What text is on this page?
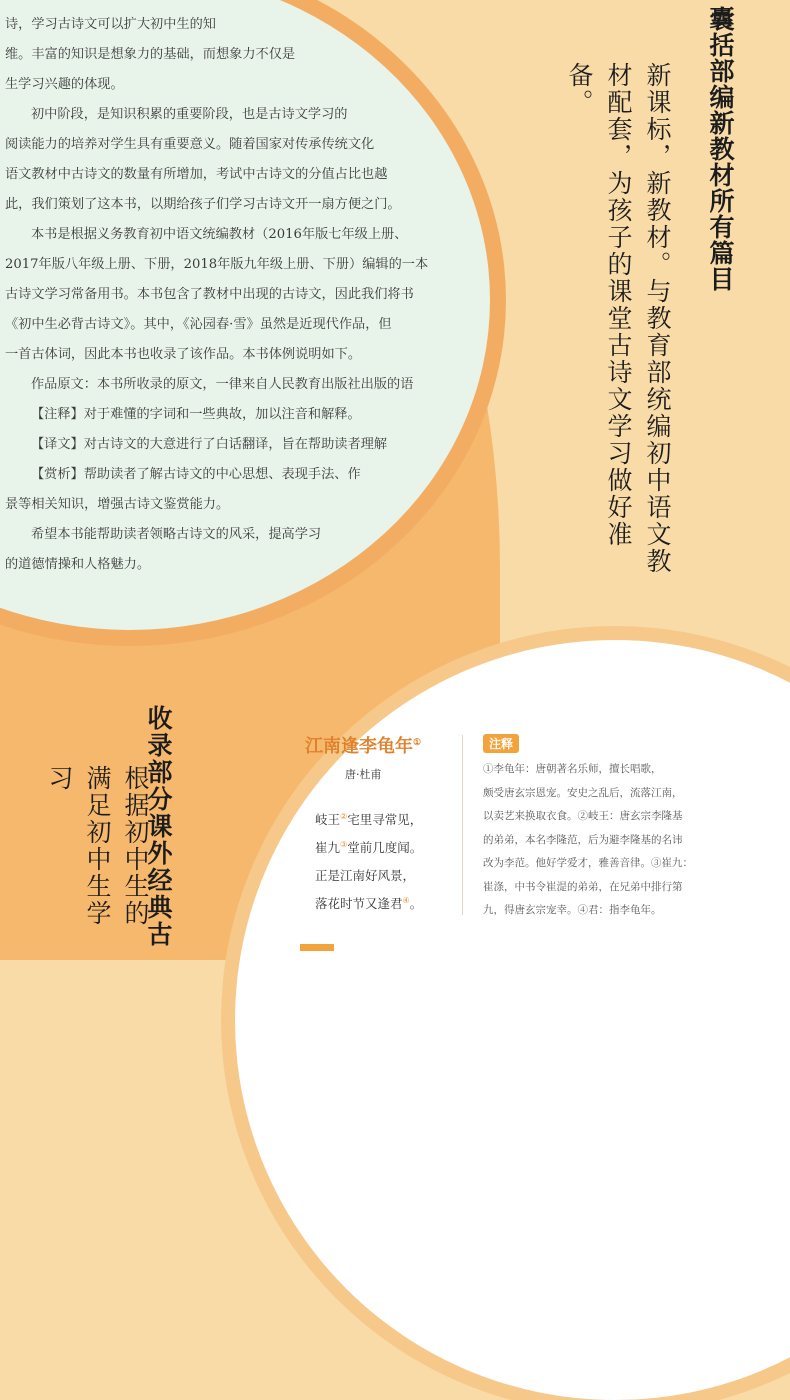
诗，学习古诗文可以扩大初中生的知

维。丰富的知识是想象力的基础，而想象力不仅是

生学习兴趣的体现。

初中阶段，是知识积累的重要阶段，也是古诗文学习的

阅读能力的培养对学生具有重要意义。随着国家对传承传统文化

语文教材中古诗文的数量有所增加，考试中古诗文的分值占比也越

此，我们策划了这本书，以期给孩子们学习古诗文开一扇方便之门。

本书是根据义务教育初中语文统编教材（2016年版七年级上册、

2017年版八年级上册、下册，2018年版九年级上册、下册）编辑的一本

古诗文学习常备用书。本书包含了教材中出现的古诗文，因此我们将书

《初中生必背古诗文》。其中，《沁园春·雪》虽然是近现代作品，但

一首古体词，因此本书也收录了该作品。本书体例说明如下。

作品原文：本书所收录的原文，一律来自人民教育出版社出版的语

【注释】对于难懂的字词和一些典故，加以注音和解释。

【译文】对古诗文的大意进行了白话翻译，旨在帮助读者理解

【赏析】帮助读者了解古诗文的中心思想、表现手法、作

景等相关知识，增强古诗文鉴赏能力。

希望本书能帮助读者领略古诗文的风采，提高学习

的道德情操和人格魅力。

囊括部编新教材所有篇目
新课标，新教材。与教育部统编初中语文教材配套，为孩子的课堂古诗文学习做好准备。
收录部分课外经典古
根据初中生的满足初中生学习
江南逢李龟年①
唐·杜甫
岐王②宅里寻常见，
崔九③堂前几度闻。
正是江南好风景，
落花时节又逢君④。
注释
①李龟年：唐朝著名乐师，擅长唱歌，
颇受唐玄宗恩宠。安史之乱后，流落江南，
以卖艺来换取衣食。②岐王：唐玄宗李隆基
的弟弟，本名李隆范，后为避李隆基的名讳
改为李范。他好学爱才，雅善音律。③崔九：
崔涤，中书令崔湜的弟弟，在兄弟中排行第
九，得唐玄宗宠幸。④君：指李龟年。
